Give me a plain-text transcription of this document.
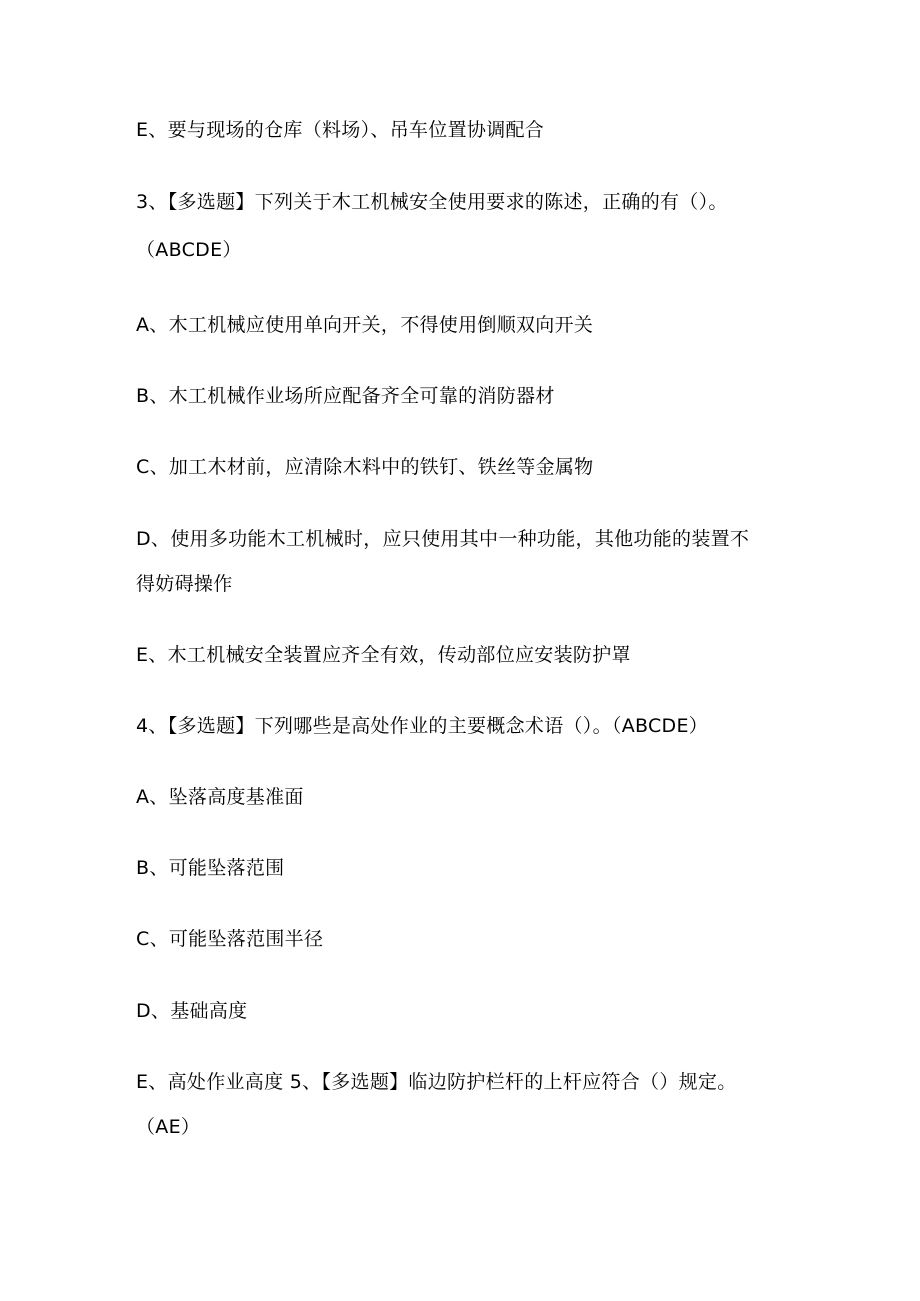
E、要与现场的仓库（料场）、吊车位置协调配合
3、【多选题】下列关于木工机械安全使用要求的陈述，正确的有（）。
（ABCDE）
A、木工机械应使用单向开关，不得使用倒顺双向开关
B、木工机械作业场所应配备齐全可靠的消防器材
C、加工木材前，应清除木料中的铁钉、铁丝等金属物
D、使用多功能木工机械时，应只使用其中一种功能，其他功能的装置不
得妨碍操作
E、木工机械安全装置应齐全有效，传动部位应安装防护罩
4、【多选题】下列哪些是高处作业的主要概念术语（）。（ABCDE）
A、坠落高度基准面
B、可能坠落范围
C、可能坠落范围半径
D、基础高度
E、高处作业高度 5、【多选题】临边防护栏杆的上杆应符合（）规定。
（AE）
